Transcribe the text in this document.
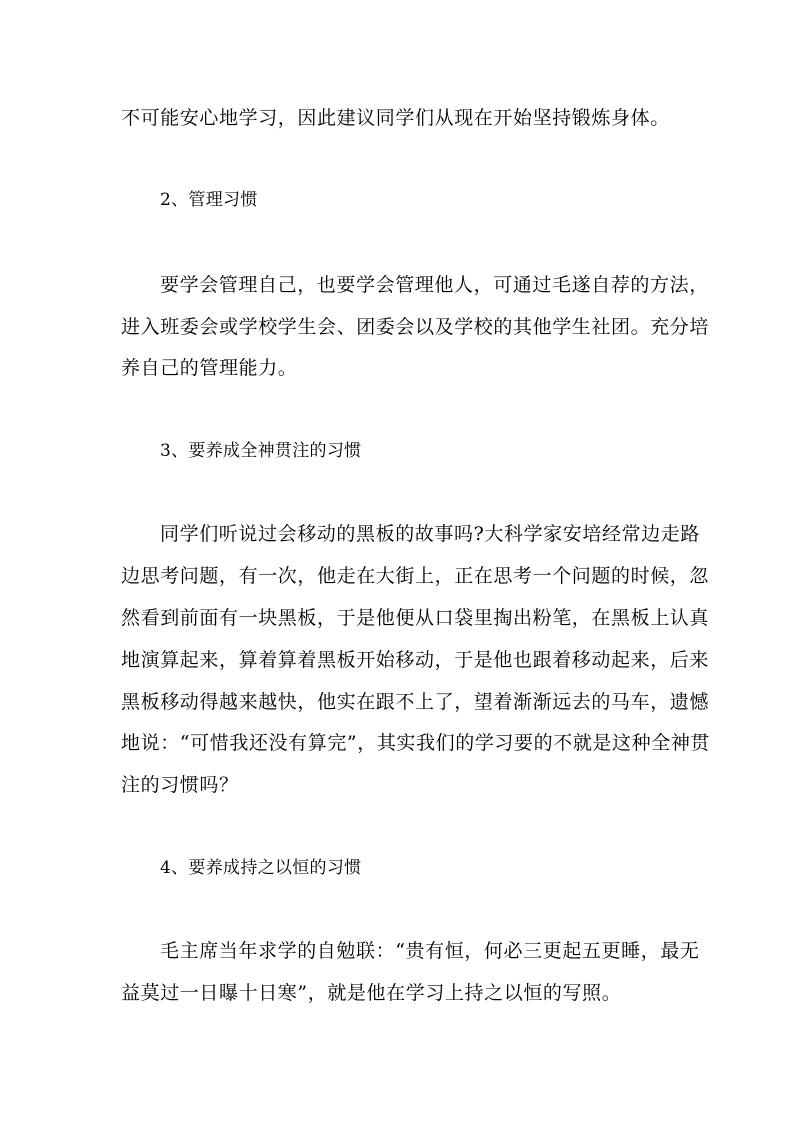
不可能安心地学习，因此建议同学们从现在开始坚持锻炼身体。
2、管理习惯
要学会管理自己，也要学会管理他人，可通过毛遂自荐的方法，
进入班委会或学校学生会、团委会以及学校的其他学生社团。充分培
养自己的管理能力。
3、要养成全神贯注的习惯
同学们听说过会移动的黑板的故事吗?大科学家安培经常边走路
边思考问题，有一次，他走在大街上，正在思考一个问题的时候，忽
然看到前面有一块黑板，于是他便从口袋里掏出粉笔，在黑板上认真
地演算起来，算着算着黑板开始移动，于是他也跟着移动起来，后来
黑板移动得越来越快，他实在跟不上了，望着渐渐远去的马车，遗憾
地说：“可惜我还没有算完”，其实我们的学习要的不就是这种全神贯
注的习惯吗？
4、要养成持之以恒的习惯
毛主席当年求学的自勉联：“贵有恒，何必三更起五更睡，最无
益莫过一日曝十日寒”，就是他在学习上持之以恒的写照。
